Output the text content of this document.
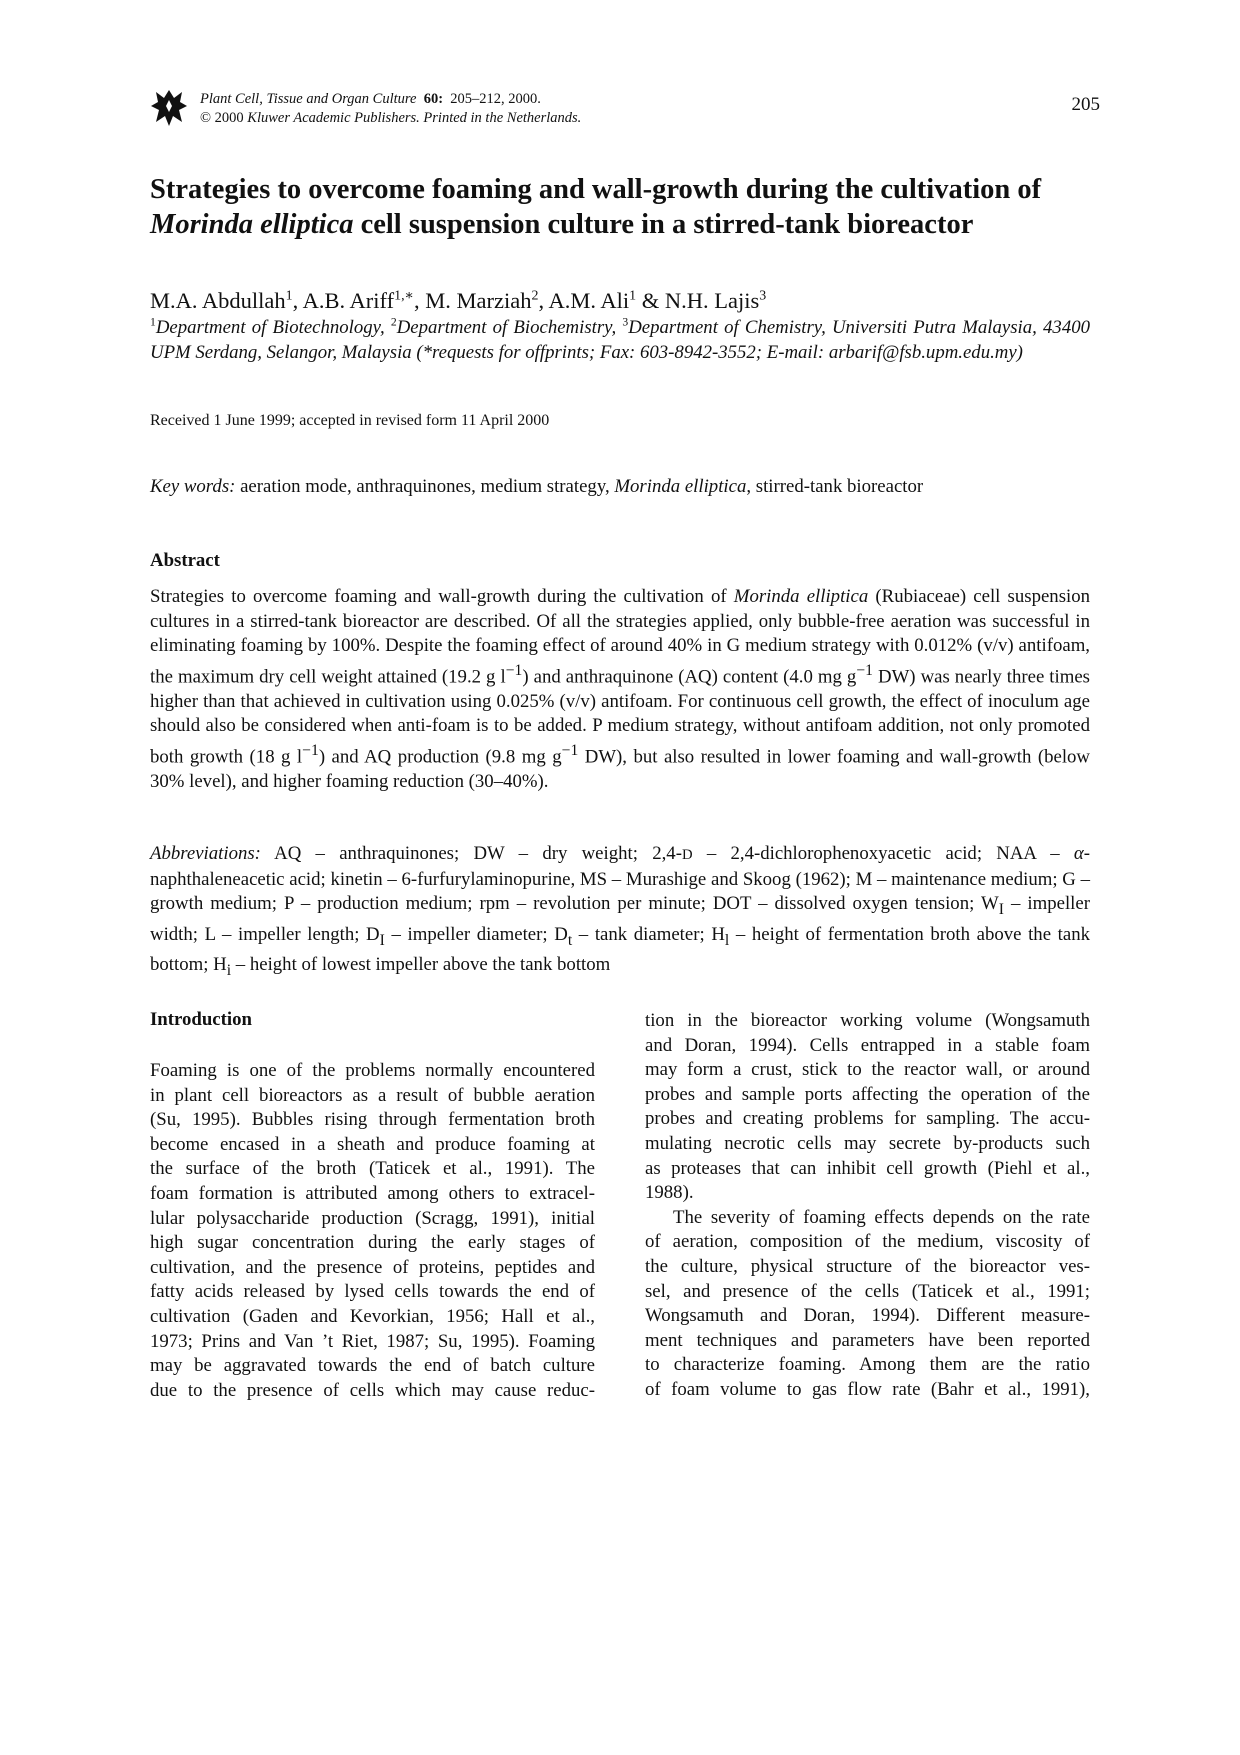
Plant Cell, Tissue and Organ Culture 60: 205–212, 2000.
© 2000 Kluwer Academic Publishers. Printed in the Netherlands.
205
Strategies to overcome foaming and wall-growth during the cultivation of
Morinda elliptica cell suspension culture in a stirred-tank bioreactor
M.A. Abdullah$^1$, A.B. Ariff$^{1,∗}$, M. Marziah$^2$, A.M. Ali$^1$ & N.H. Lajis$^3$
$^1$Department of Biotechnology, $^2$Department of Biochemistry, $^3$Department of Chemistry, Universiti Putra Malaysia, 43400 UPM Serdang, Selangor, Malaysia (*requests for offprints; Fax: 603-8942-3552; E-mail: arbarif@fsb.upm.edu.my)
Received 1 June 1999; accepted in revised form 11 April 2000
Key words: aeration mode, anthraquinones, medium strategy, Morinda elliptica, stirred-tank bioreactor
Abstract
Strategies to overcome foaming and wall-growth during the cultivation of Morinda elliptica (Rubiaceae) cell suspension cultures in a stirred-tank bioreactor are described. Of all the strategies applied, only bubble-free aeration was successful in eliminating foaming by 100%. Despite the foaming effect of around 40% in G medium strategy with 0.012% (v/v) antifoam, the maximum dry cell weight attained (19.2 g $l^{-1}$) and anthraquinone (AQ) content (4.0 mg $g^{-1}$ DW) was nearly three times higher than that achieved in cultivation using 0.025% (v/v) antifoam. For continuous cell growth, the effect of inoculum age should also be considered when anti-foam is to be added. P medium strategy, without antifoam addition, not only promoted both growth (18 g $l^{-1}$) and AQ production (9.8 mg $g^{-1}$ DW), but also resulted in lower foaming and wall-growth (below 30% level), and higher foaming reduction (30–40%).
Abbreviations: AQ – anthraquinones; DW – dry weight; 2,4-D – 2,4-dichlorophenoxyacetic acid; NAA – α-naphthaleneacetic acid; kinetin – 6-furfurylaminopurine, MS – Murashige and Skoog (1962); M – maintenance medium; G – growth medium; P – production medium; rpm – revolution per minute; DOT – dissolved oxygen tension; $W_I$ – impeller width; L – impeller length; $D_I$ – impeller diameter; $D_t$ – tank diameter; $H_l$ – height of fermentation broth above the tank bottom; $H_i$ – height of lowest impeller above the tank bottom
Introduction
Foaming is one of the problems normally encountered
in plant cell bioreactors as a result of bubble aeration
(Su, 1995). Bubbles rising through fermentation broth
become encased in a sheath and produce foaming at
the surface of the broth (Taticek et al., 1991). The
foam formation is attributed among others to extracel-
lular polysaccharide production (Scragg, 1991), initial
high sugar concentration during the early stages of
cultivation, and the presence of proteins, peptides and
fatty acids released by lysed cells towards the end of
cultivation (Gaden and Kevorkian, 1956; Hall et al.,
1973; Prins and Van ’t Riet, 1987; Su, 1995). Foaming
may be aggravated towards the end of batch culture
due to the presence of cells which may cause reduc-
tion in the bioreactor working volume (Wongsamuth
and Doran, 1994). Cells entrapped in a stable foam
may form a crust, stick to the reactor wall, or around
probes and sample ports affecting the operation of the
probes and creating problems for sampling. The accu-
mulating necrotic cells may secrete by-products such
as proteases that can inhibit cell growth (Piehl et al.,
1988).
The severity of foaming effects depends on the rate
of aeration, composition of the medium, viscosity of
the culture, physical structure of the bioreactor ves-
sel, and presence of the cells (Taticek et al., 1991;
Wongsamuth and Doran, 1994). Different measure-
ment techniques and parameters have been reported
to characterize foaming. Among them are the ratio
of foam volume to gas flow rate (Bahr et al., 1991),
